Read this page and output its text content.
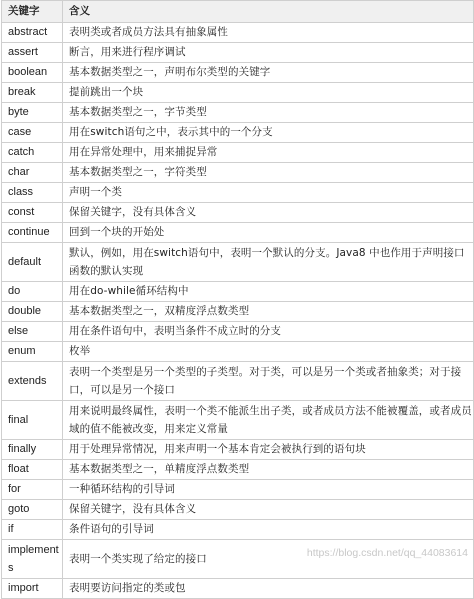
关键字	含义
abstract	表明类或者成员方法具有抽象属性
assert	断言，用来进行程序调试
boolean	基本数据类型之一，声明布尔类型的关键字
break	提前跳出一个块
byte	基本数据类型之一，字节类型
case	用在switch语句之中，表示其中的一个分支
catch	用在异常处理中，用来捕捉异常
char	基本数据类型之一，字符类型
class	声明一个类
const	保留关键字，没有具体含义
continue	回到一个块的开始处
default	默认，例如，用在switch语句中，表明一个默认的分支。Java8 中也作用于声明接口函数的默认实现
do	用在do-while循环结构中
double	基本数据类型之一，双精度浮点数类型
else	用在条件语句中，表明当条件不成立时的分支
enum	枚举
extends	表明一个类型是另一个类型的子类型。对于类，可以是另一个类或者抽象类；对于接口，可以是另一个接口
final	用来说明最终属性，表明一个类不能派生出子类，或者成员方法不能被覆盖，或者成员域的值不能被改变，用来定义常量
finally	用于处理异常情况，用来声明一个基本肯定会被执行到的语句块
float	基本数据类型之一，单精度浮点数类型
for	一种循环结构的引导词
goto	保留关键字，没有具体含义
if	条件语句的引导词
implements	表明一个类实现了给定的接口
import	表明要访问指定的类或包
https://blog.csdn.net/qq_44083614
